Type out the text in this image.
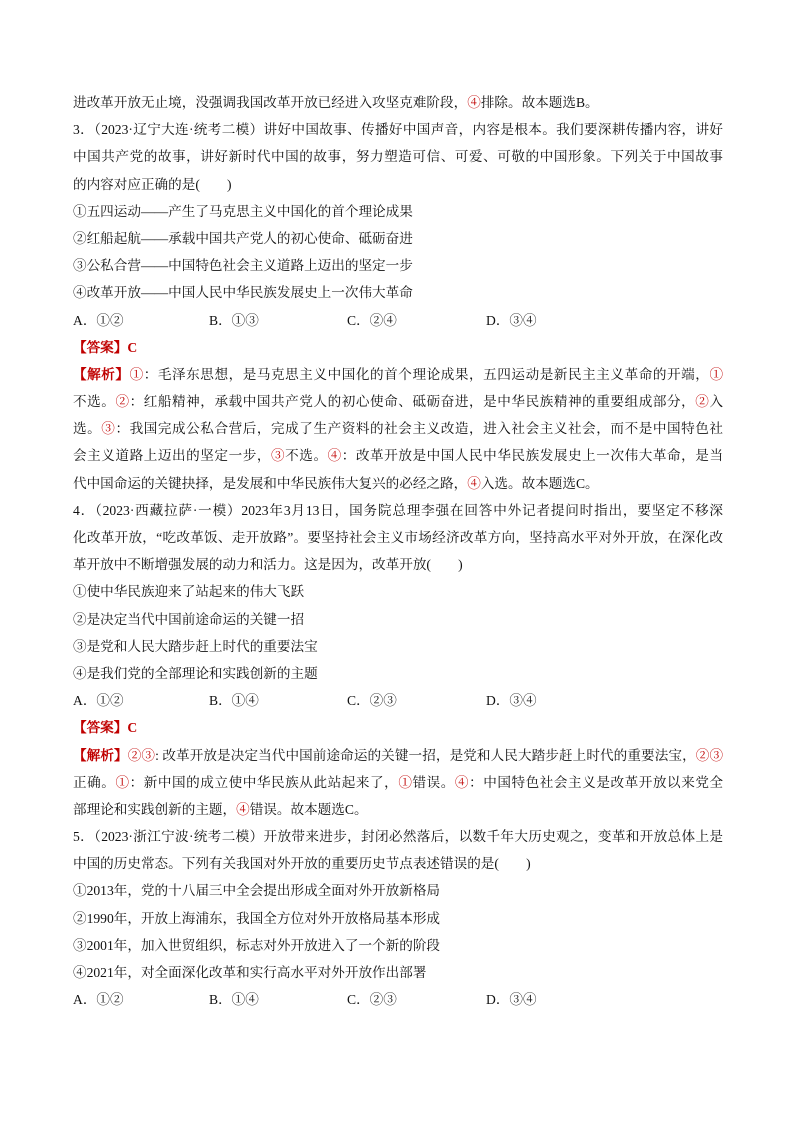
进改革开放无止境，没强调我国改革开放已经进入攻坚克难阶段，④排除。故本题选B。
3．（2023·辽宁大连·统考二模）讲好中国故事、传播好中国声音，内容是根本。我们要深耕传播内容，讲好
中国共产党的故事，讲好新时代中国的故事，努力塑造可信、可爱、可敬的中国形象。下列关于中国故事
的内容对应正确的是(　　)
①五四运动——产生了马克思主义中国化的首个理论成果
②红船起航——承载中国共产党人的初心使命、砥砺奋进
③公私合营——中国特色社会主义道路上迈出的坚定一步
④改革开放——中国人民中华民族发展史上一次伟大革命
A．①②	B．①③	C．②④	D．③④
【答案】C
【解析】①：毛泽东思想，是马克思主义中国化的首个理论成果，五四运动是新民主主义革命的开端，①
不选。②：红船精神，承载中国共产党人的初心使命、砥砺奋进，是中华民族精神的重要组成部分，②入
选。③：我国完成公私合营后，完成了生产资料的社会主义改造，进入社会主义社会，而不是中国特色社
会主义道路上迈出的坚定一步，③不选。④：改革开放是中国人民中华民族发展史上一次伟大革命，是当
代中国命运的关键抉择，是发展和中华民族伟大复兴的必经之路，④入选。故本题选C。
4．（2023·西藏拉萨·一模）2023年3月13日，国务院总理李强在回答中外记者提问时指出，要坚定不移深
化改革开放，“吃改革饭、走开放路”。要坚持社会主义市场经济改革方向，坚持高水平对外开放，在深化改
革开放中不断增强发展的动力和活力。这是因为，改革开放(　　)
①使中华民族迎来了站起来的伟大飞跃
②是决定当代中国前途命运的关键一招
③是党和人民大踏步赶上时代的重要法宝
④是我们党的全部理论和实践创新的主题
A．①②	B．①④	C．②③	D．③④
【答案】C
【解析】②③: 改革开放是决定当代中国前途命运的关键一招，是党和人民大踏步赶上时代的重要法宝，②③
正确。①：新中国的成立使中华民族从此站起来了，①错误。④：中国特色社会主义是改革开放以来党全
部理论和实践创新的主题，④错误。故本题选C。
5．（2023·浙江宁波·统考二模）开放带来进步，封闭必然落后，以数千年大历史观之，变革和开放总体上是
中国的历史常态。下列有关我国对外开放的重要历史节点表述错误的是(　　)
①2013年，党的十八届三中全会提出形成全面对外开放新格局
②1990年，开放上海浦东，我国全方位对外开放格局基本形成
③2001年，加入世贸组织，标志对外开放进入了一个新的阶段
④2021年，对全面深化改革和实行高水平对外开放作出部署
A．①②	B．①④	C．②③	D．③④
